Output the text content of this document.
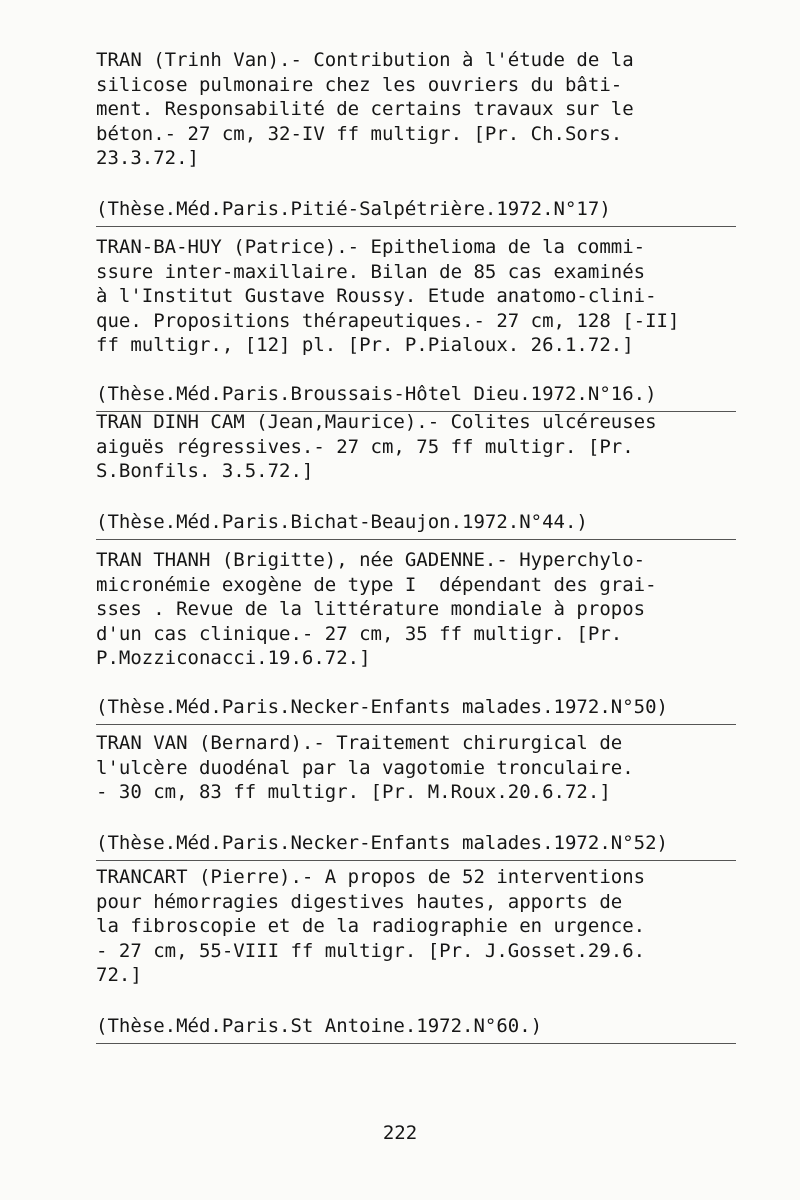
TRAN (Trinh Van).- Contribution à l'étude de la

silicose pulmonaire chez les ouvriers du bâti-

ment. Responsabilité de certains travaux sur le

béton.- 27 cm, 32-IV ff multigr. [Pr. Ch.Sors.

23.3.72.]

(Thèse.Méd.Paris.Pitié-Salpétrière.1972.N°17)

TRAN-BA-HUY (Patrice).- Epithelioma de la commi-

ssure inter-maxillaire. Bilan de 85 cas examinés

à l'Institut Gustave Roussy. Etude anatomo-clini-

que. Propositions thérapeutiques.- 27 cm, 128 [-II]

ff multigr., [12] pl. [Pr. P.Pialoux. 26.1.72.]

(Thèse.Méd.Paris.Broussais-Hôtel Dieu.1972.N°16.)

TRAN DINH CAM (Jean,Maurice).- Colites ulcéreuses

aiguës régressives.- 27 cm, 75 ff multigr. [Pr.

S.Bonfils. 3.5.72.]

(Thèse.Méd.Paris.Bichat-Beaujon.1972.N°44.)

TRAN THANH (Brigitte), née GADENNE.- Hyperchylo-

micronémie exogène de type I  dépendant des grai-

sses . Revue de la littérature mondiale à propos

d'un cas clinique.- 27 cm, 35 ff multigr. [Pr.

P.Mozziconacci.19.6.72.]

(Thèse.Méd.Paris.Necker-Enfants malades.1972.N°50)

TRAN VAN (Bernard).- Traitement chirurgical de

l'ulcère duodénal par la vagotomie tronculaire.

- 30 cm, 83 ff multigr. [Pr. M.Roux.20.6.72.]

(Thèse.Méd.Paris.Necker-Enfants malades.1972.N°52)

TRANCART (Pierre).- A propos de 52 interventions

pour hémorragies digestives hautes, apports de

la fibroscopie et de la radiographie en urgence.

- 27 cm, 55-VIII ff multigr. [Pr. J.Gosset.29.6.

72.]

(Thèse.Méd.Paris.St Antoine.1972.N°60.)

222
